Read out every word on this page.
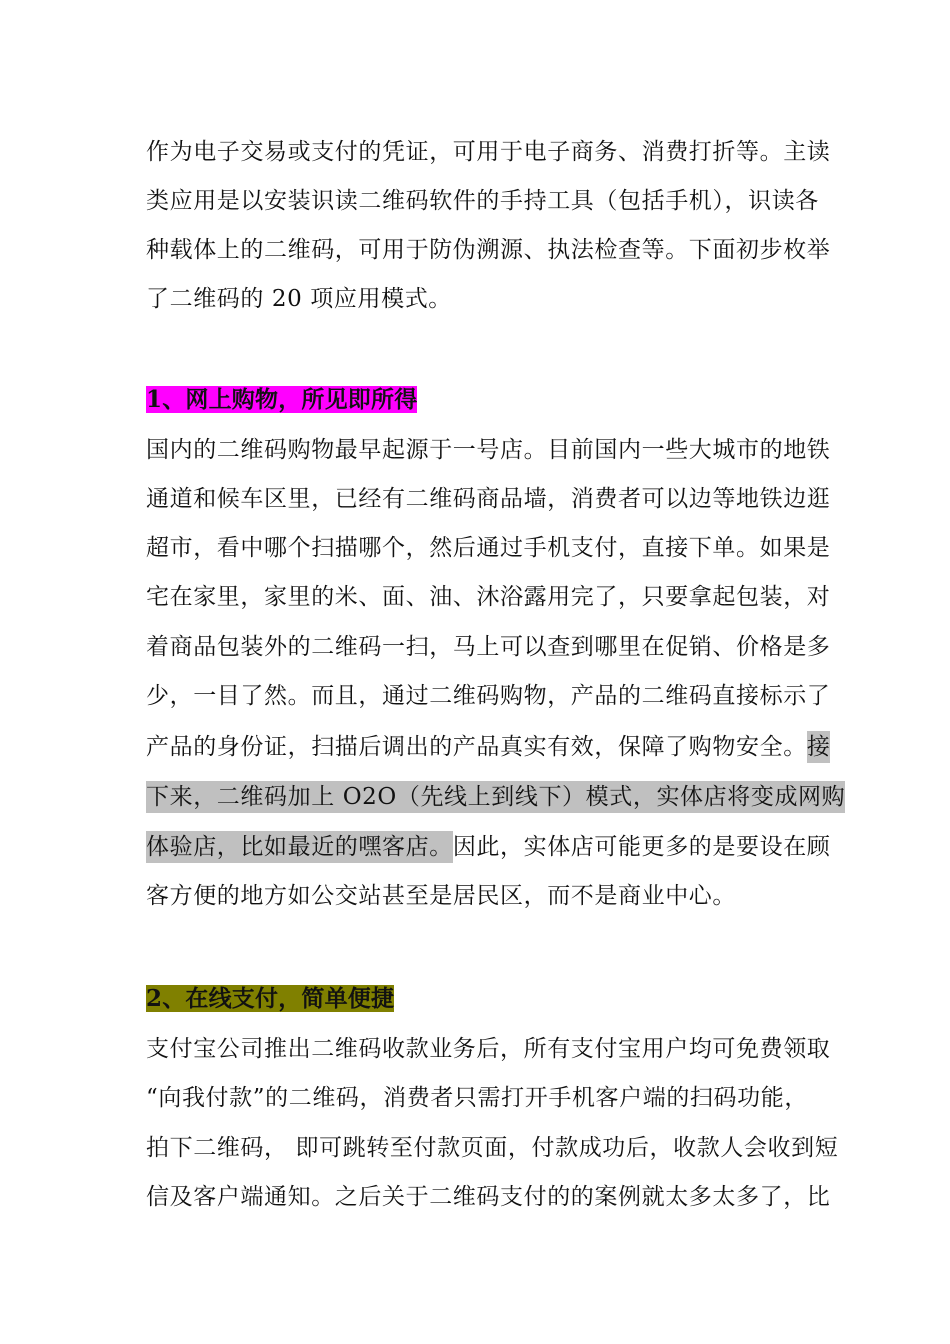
作为电子交易或支付的凭证，可用于电子商务、消费打折等。主读
类应用是以安装识读二维码软件的手持工具（包括手机），识读各
种载体上的二维码，可用于防伪溯源、执法检查等。下面初步枚举
了二维码的 20 项应用模式。
1、网上购物，所见即所得
国内的二维码购物最早起源于一号店。目前国内一些大城市的地铁
通道和候车区里，已经有二维码商品墙，消费者可以边等地铁边逛
超市，看中哪个扫描哪个，然后通过手机支付，直接下单。如果是
宅在家里，家里的米、面、油、沐浴露用完了，只要拿起包装，对
着商品包装外的二维码一扫，马上可以查到哪里在促销、价格是多
少，一目了然。而且，通过二维码购物，产品的二维码直接标示了
产品的身份证，扫描后调出的产品真实有效，保障了购物安全。接
下来，二维码加上 O2O（先线上到线下）模式，实体店将变成网购
体验店，比如最近的嘿客店。因此，实体店可能更多的是要设在顾
客方便的地方如公交站甚至是居民区，而不是商业中心。
2、在线支付，简单便捷
支付宝公司推出二维码收款业务后，所有支付宝用户均可免费领取
“向我付款”的二维码，消费者只需打开手机客户端的扫码功能，
拍下二维码， 即可跳转至付款页面，付款成功后，收款人会收到短
信及客户端通知。之后关于二维码支付的的案例就太多太多了，比
